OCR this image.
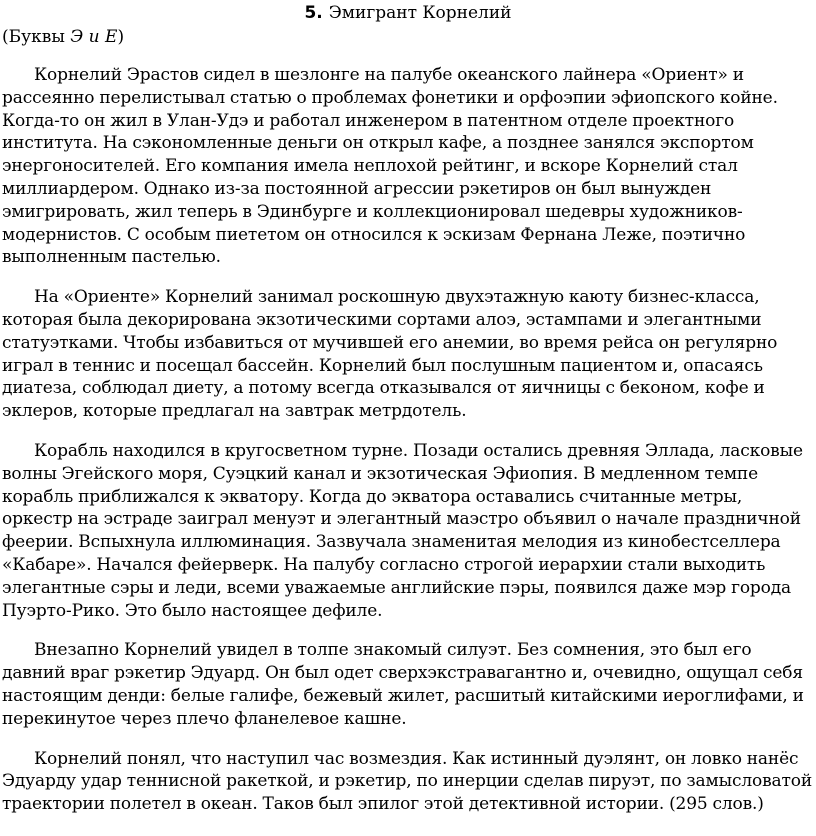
5. Эмигрант Корнелий
(Буквы Э и Е)

Корнелий Эрастов сидел в шезлонге на палубе океанского лайнера «Ориент» и рассеянно перелистывал статью о проблемах фонетики и орфоэпии эфиопского койне. Когда-то он жил в Улан-Удэ и работал инженером в патентном отделе проектного института. На сэкономленные деньги он открыл кафе, а позднее занялся экспортом энергоносителей. Его компания имела неплохой рейтинг, и вскоре Корнелий стал миллиардером. Однако из-за постоянной агрессии рэкетиров он был вынужден эмигрировать, жил теперь в Эдинбурге и коллекционировал шедевры художников-модернистов. С особым пиететом он относился к эскизам Фернана Леже, поэтично выполненным пастелью.

На «Ориенте» Корнелий занимал роскошную двухэтажную каюту бизнес-класса, которая была декорирована экзотическими сортами алоэ, эстампами и элегантными статуэтками. Чтобы избавиться от мучившей его анемии, во время рейса он регулярно играл в теннис и посещал бассейн. Корнелий был послушным пациентом и, опасаясь диатеза, соблюдал диету, а потому всегда отказывался от яичницы с беконом, кофе и эклеров, которые предлагал на завтрак метрдотель.

Корабль находился в кругосветном турне. Позади остались древняя Эллада, ласковые волны Эгейского моря, Суэцкий канал и экзотическая Эфиопия. В медленном темпе корабль приближался к экватору. Когда до экватора оставались считанные метры, оркестр на эстраде заиграл менуэт и элегантный маэстро объявил о начале праздничной феерии. Вспыхнула иллюминация. Зазвучала знаменитая мелодия из кинобестселлера «Кабаре». Начался фейерверк. На палубу согласно строгой иерархии стали выходить элегантные сэры и леди, всеми уважаемые английские пэры, появился даже мэр города Пуэрто-Рико. Это было настоящее дефиле.

Внезапно Корнелий увидел в толпе знакомый силуэт. Без сомнения, это был его давний враг рэкетир Эдуард. Он был одет сверхэкстравагантно и, очевидно, ощущал себя настоящим денди: белые галифе, бежевый жилет, расшитый китайскими иероглифами, и перекинутое через плечо фланелевое кашне.

Корнелий понял, что наступил час возмездия. Как истинный дуэлянт, он ловко нанёс Эдуарду удар теннисной ракеткой, и рэкетир, по инерции сделав пируэт, по замысловатой траектории полетел в океан. Таков был эпилог этой детективной истории. (295 слов.)
